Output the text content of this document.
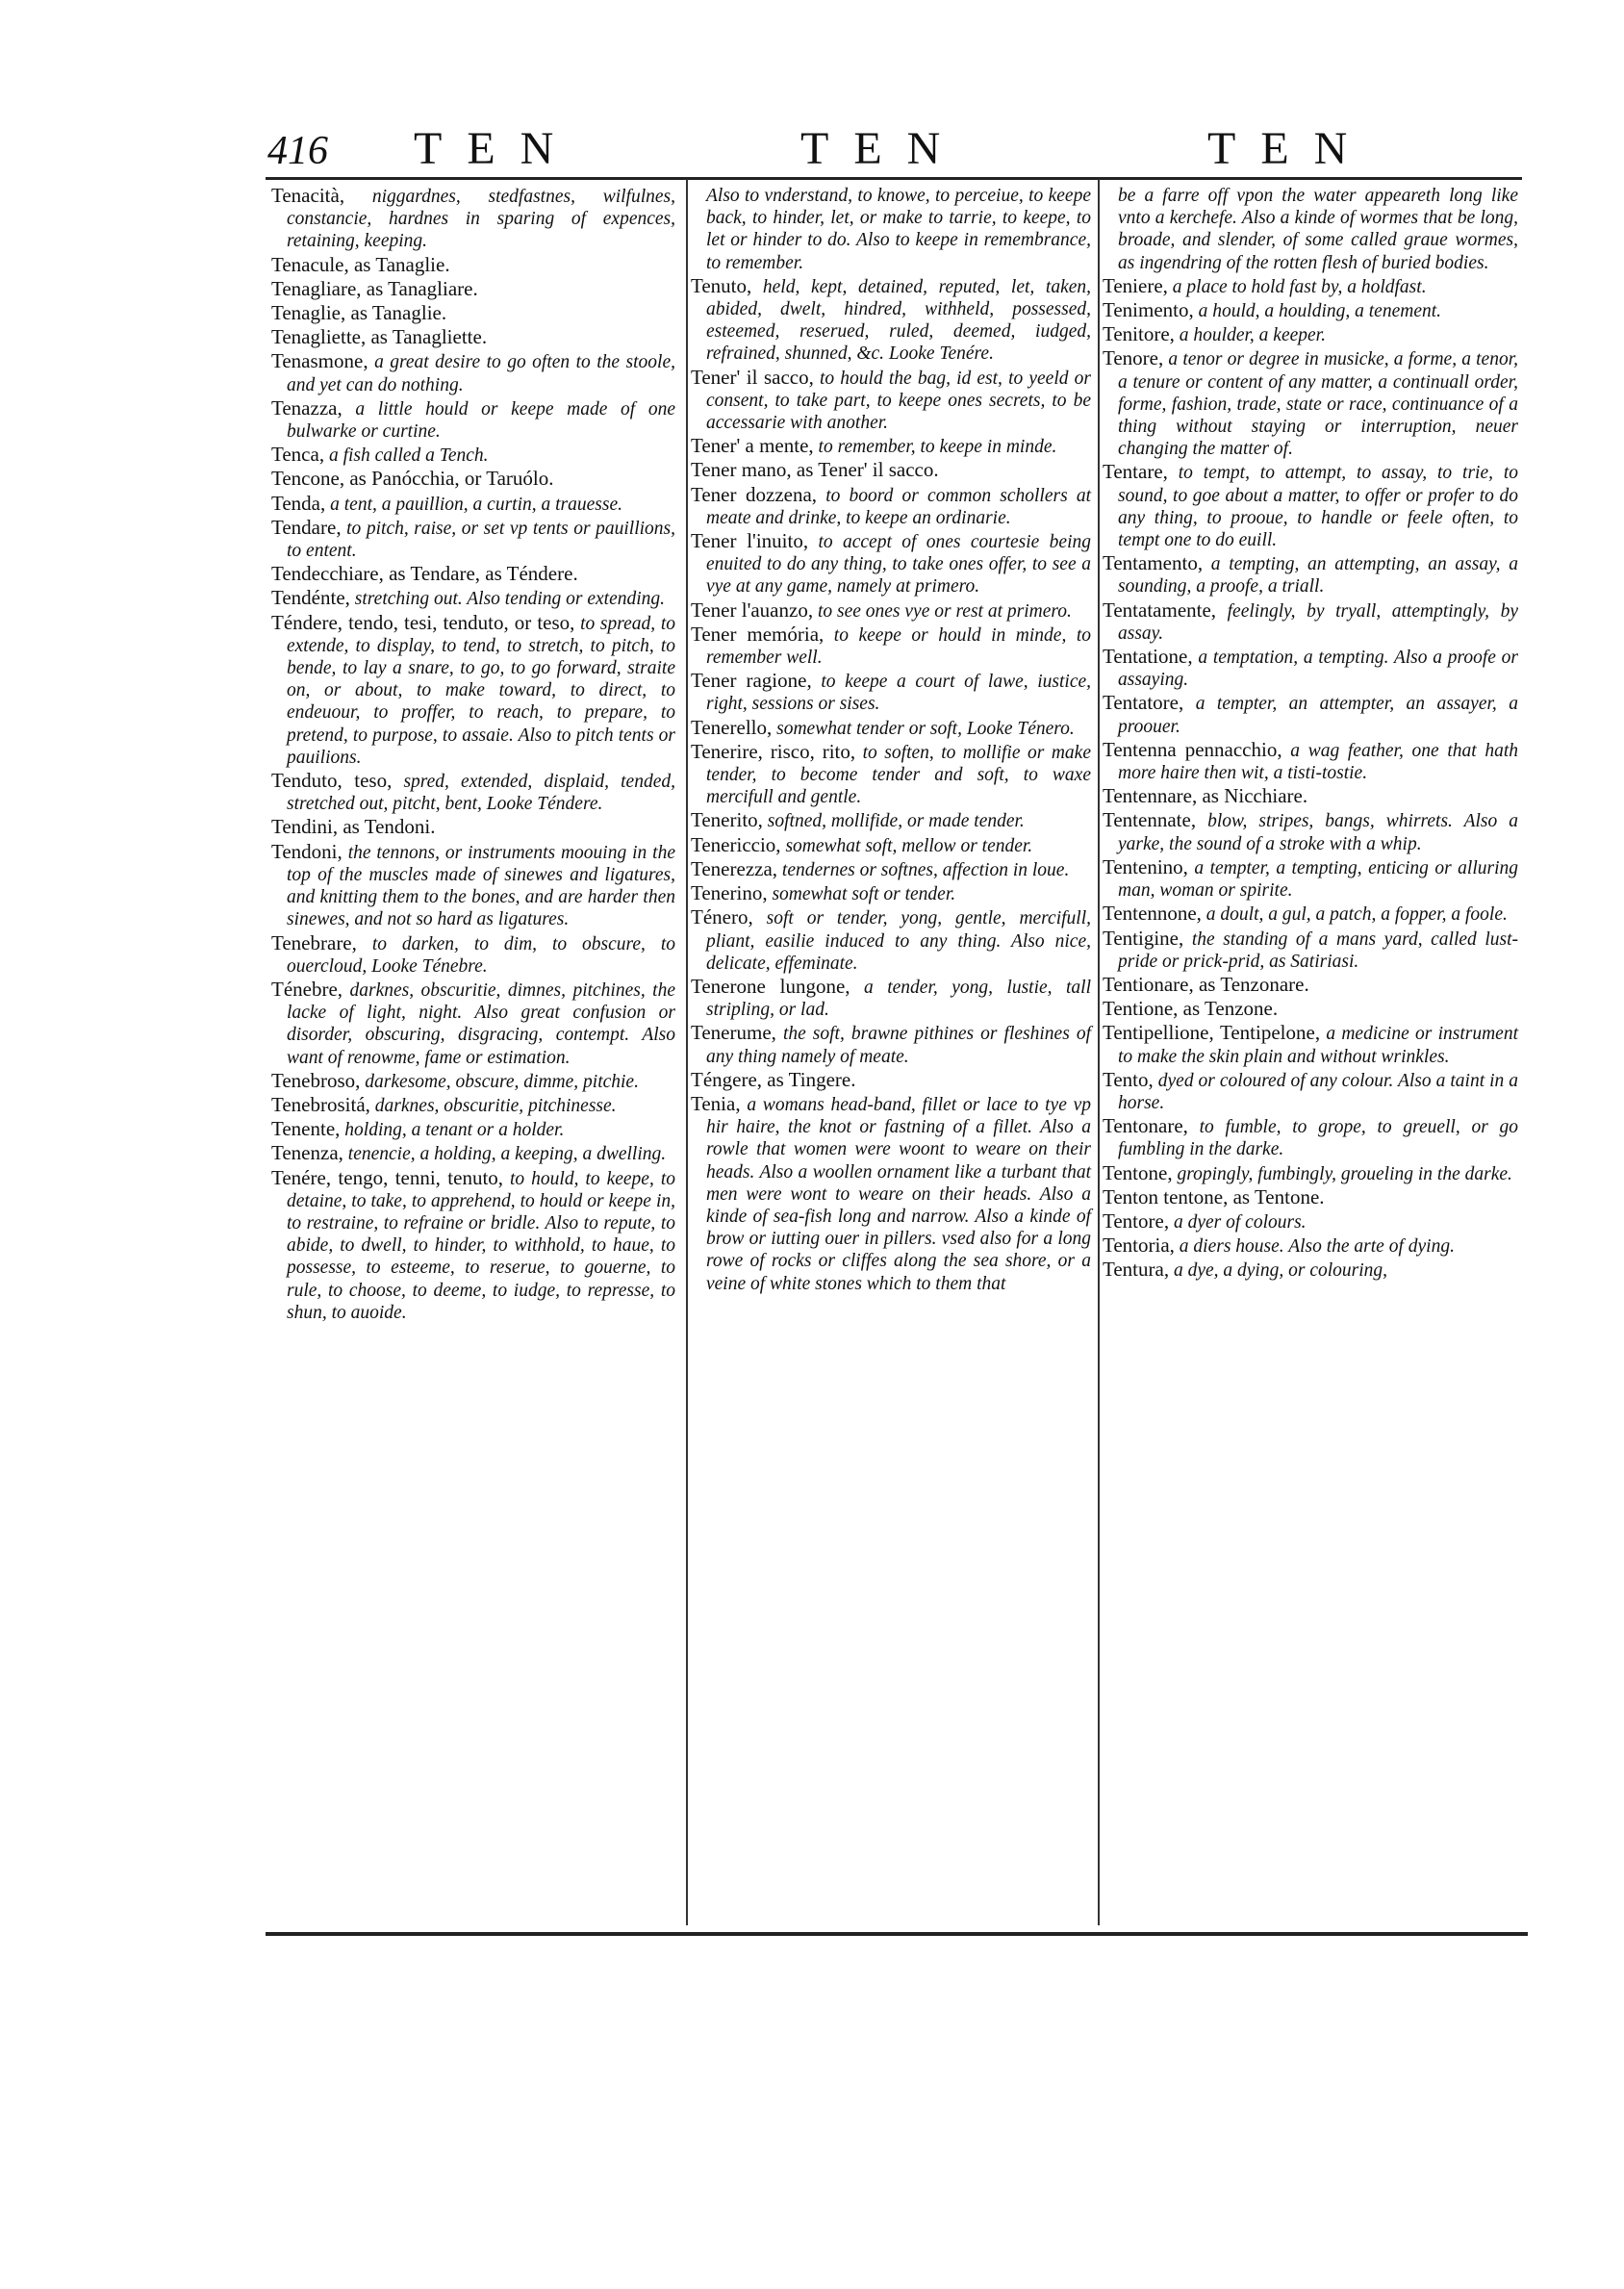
416 TEN	TEN	TEN

Tenacità, niggardnes, stedfastnes, wilfulnes, constancie, hardnes in sparing of expences, retaining, keeping.

Tenacule, as Tanaglie.

Tenagliare, as Tanagliare.

Tenaglie, as Tanaglie.

Tenagliette, as Tanagliette.

Tenasmone, a great desire to go often to the stoole, and yet can do nothing.

Tenazza, a little hould or keepe made of one bulwarke or curtine.

Tenca, a fish called a Tench.

Tencone, as Panócchia, or Taruólo.

Tenda, a tent, a pauillion, a curtin, a trauesse.

Tendare, to pitch, raise, or set vp tents or pauillions, to entent.

Tendecchiare, as Tendare, as Téndere.

Tendénte, stretching out. Also tending or extending.

Téndere, tendo, tesi, tenduto, or teso, to spread, to extende, to display, to tend, to stretch, to pitch, to bende, to lay a snare, to go, to go forward, straite on, or about, to make toward, to direct, to endeuour, to proffer, to reach, to prepare, to pretend, to purpose, to assaie. Also to pitch tents or pauilions.

Tenduto, teso, spred, extended, displaid, tended, stretched out, pitcht, bent, Looke Téndere.

Tendini, as Tendoni.

Tendoni, the tennons, or instruments moouing in the top of the muscles made of sinewes and ligatures, and knitting them to the bones, and are harder then sinewes, and not so hard as ligatures.

Tenebrare, to darken, to dim, to obscure, to ouercloud, Looke Ténebre.

Ténebre, darknes, obscuritie, dimnes, pitchines, the lacke of light, night. Also great confusion or disorder, obscuring, disgracing, contempt. Also want of renowme, fame or estimation.

Tenebroso, darkesome, obscure, dimme, pitchie.

Tenebrositá, darknes, obscuritie, pitchinesse.

Tenente, holding, a tenant or a holder.

Tenenza, tenencie, a holding, a keeping, a dwelling.

Tenére, tengo, tenni, tenuto, to hould, to keepe, to detaine, to take, to apprehend, to hould or keepe in, to restraine, to refraine or bridle. Also to repute, to abide, to dwell, to hinder, to withhold, to haue, to possesse, to esteeme, to reserue, to gouerne, to rule, to choose, to deeme, to iudge, to represse, to shun, to auoide.

Also to vnderstand, to knowe, to perceiue, to keepe back, to hinder, let, or make to tarrie, to keepe, to let or hinder to do. Also to keepe in remembrance, to remember.

Tenuto, held, kept, detained, reputed, let, taken, abided, dwelt, hindred, withheld, possessed, esteemed, reserued, ruled, deemed, iudged, refrained, shunned, &c. Looke Tenére.

Tener' il sacco, to hould the bag, id est, to yeeld or consent, to take part, to keepe ones secrets, to be accessarie with another.

Tener' a mente, to remember, to keepe in minde.

Tener mano, as Tener' il sacco.

Tener dozzena, to boord or common schollers at meate and drinke, to keepe an ordinarie.

Tener l'inuito, to accept of ones courtesie being enuited to do any thing, to take ones offer, to see a vye at any game, namely at primero.

Tener l'auanzo, to see ones vye or rest at primero.

Tener memória, to keepe or hould in minde, to remember well.

Tener ragione, to keepe a court of lawe, iustice, right, sessions or sises.

Tenerello, somewhat tender or soft, Looke Ténero.

Tenerire, risco, rito, to soften, to mollifie or make tender, to become tender and soft, to waxe mercifull and gentle.

Tenerito, softned, mollifide, or made tender.

Tenericcio, somewhat soft, mellow or tender.

Tenerezza, tendernes or softnes, affection in loue.

Tenerino, somewhat soft or tender.

Ténero, soft or tender, yong, gentle, mercifull, pliant, easilie induced to any thing. Also nice, delicate, effeminate.

Tenerone lungone, a tender, yong, lustie, tall stripling, or lad.

Tenerume, the soft, brawne pithines or fleshines of any thing namely of meate.

Téngere, as Tingere.

Tenia, a womans head-band, fillet or lace to tye vp hir haire, the knot or fastning of a fillet. Also a rowle that women were woont to weare on their heads. Also a woollen ornament like a turbant that men were wont to weare on their heads. Also a kinde of sea-fish long and narrow. Also a kinde of brow or iutting ouer in pillers. vsed also for a long rowe of rocks or cliffes along the sea shore, or a veine of white stones which to them that

be a farre off vpon the water appeareth long like vnto a kerchefe. Also a kinde of wormes that be long, broade, and slender, of some called graue wormes, as ingendring of the rotten flesh of buried bodies.

Teniere, a place to hold fast by, a holdfast.

Tenimento, a hould, a houlding, a tenement.

Tenitore, a houlder, a keeper.

Tenore, a tenor or degree in musicke, a forme, a tenor, a tenure or content of any matter, a continuall order, forme, fashion, trade, state or race, continuance of a thing without staying or interruption, neuer changing the matter of.

Tentare, to tempt, to attempt, to assay, to trie, to sound, to goe about a matter, to offer or profer to do any thing, to prooue, to handle or feele often, to tempt one to do euill.

Tentamento, a tempting, an attempting, an assay, a sounding, a proofe, a triall.

Tentatamente, feelingly, by tryall, attemptingly, by assay.

Tentatione, a temptation, a tempting. Also a proofe or assaying.

Tentatore, a tempter, an attempter, an assayer, a proouer.

Tentenna pennacchio, a wag feather, one that hath more haire then wit, a tisti-tostie.

Tentennare, as Nicchiare.

Tentennate, blow, stripes, bangs, whirrets. Also a yarke, the sound of a stroke with a whip.

Tentenino, a tempter, a tempting, enticing or alluring man, woman or spirite.

Tentennone, a doult, a gul, a patch, a fopper, a foole.

Tentigine, the standing of a mans yard, called lust-pride or prick-prid, as Satiriasi.

Tentionare, as Tenzonare.

Tentione, as Tenzone.

Tentipellione, Tentipelone, a medicine or instrument to make the skin plain and without wrinkles.

Tento, dyed or coloured of any colour. Also a taint in a horse.

Tentonare, to fumble, to grope, to greuell, or go fumbling in the darke.

Tentone, gropingly, fumbingly, groueling in the darke.

Tenton tentone, as Tentone.

Tentore, a dyer of colours.

Tentoria, a diers house. Also the arte of dying.

Tentura, a dye, a dying, or colouring,
